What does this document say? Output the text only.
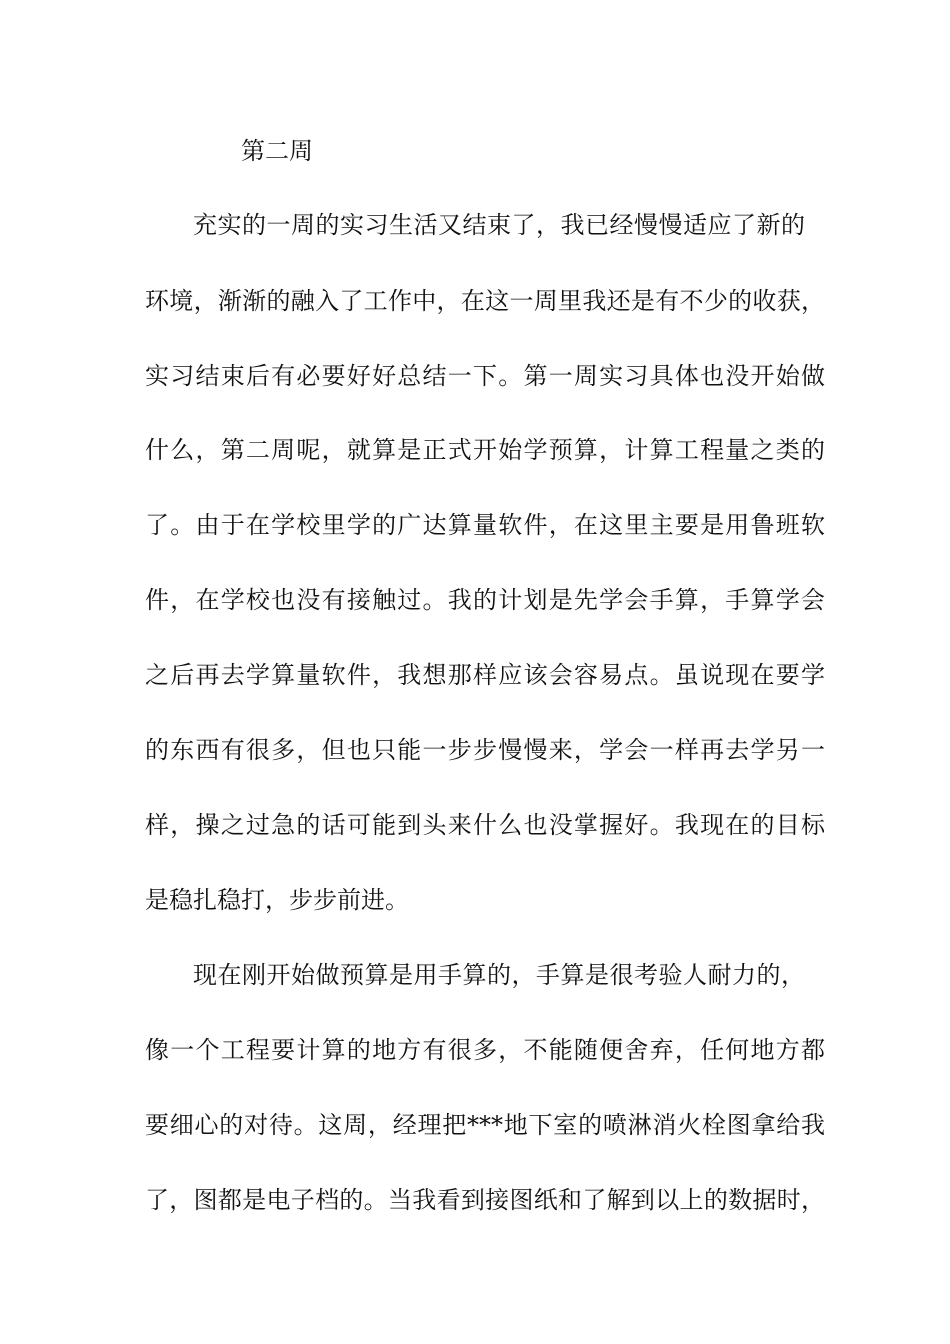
第二周
充实的一周的实习生活又结束了，我已经慢慢适应了新的
环境，渐渐的融入了工作中，在这一周里我还是有不少的收获，
实习结束后有必要好好总结一下。第一周实习具体也没开始做
什么，第二周呢，就算是正式开始学预算，计算工程量之类的
了。由于在学校里学的广达算量软件，在这里主要是用鲁班软
件，在学校也没有接触过。我的计划是先学会手算，手算学会
之后再去学算量软件，我想那样应该会容易点。虽说现在要学
的东西有很多，但也只能一步步慢慢来，学会一样再去学另一
样，操之过急的话可能到头来什么也没掌握好。我现在的目标
是稳扎稳打，步步前进。
现在刚开始做预算是用手算的，手算是很考验人耐力的，
像一个工程要计算的地方有很多，不能随便舍弃，任何地方都
要细心的对待。这周，经理把***地下室的喷淋消火栓图拿给我
了，图都是电子档的。当我看到接图纸和了解到以上的数据时，
